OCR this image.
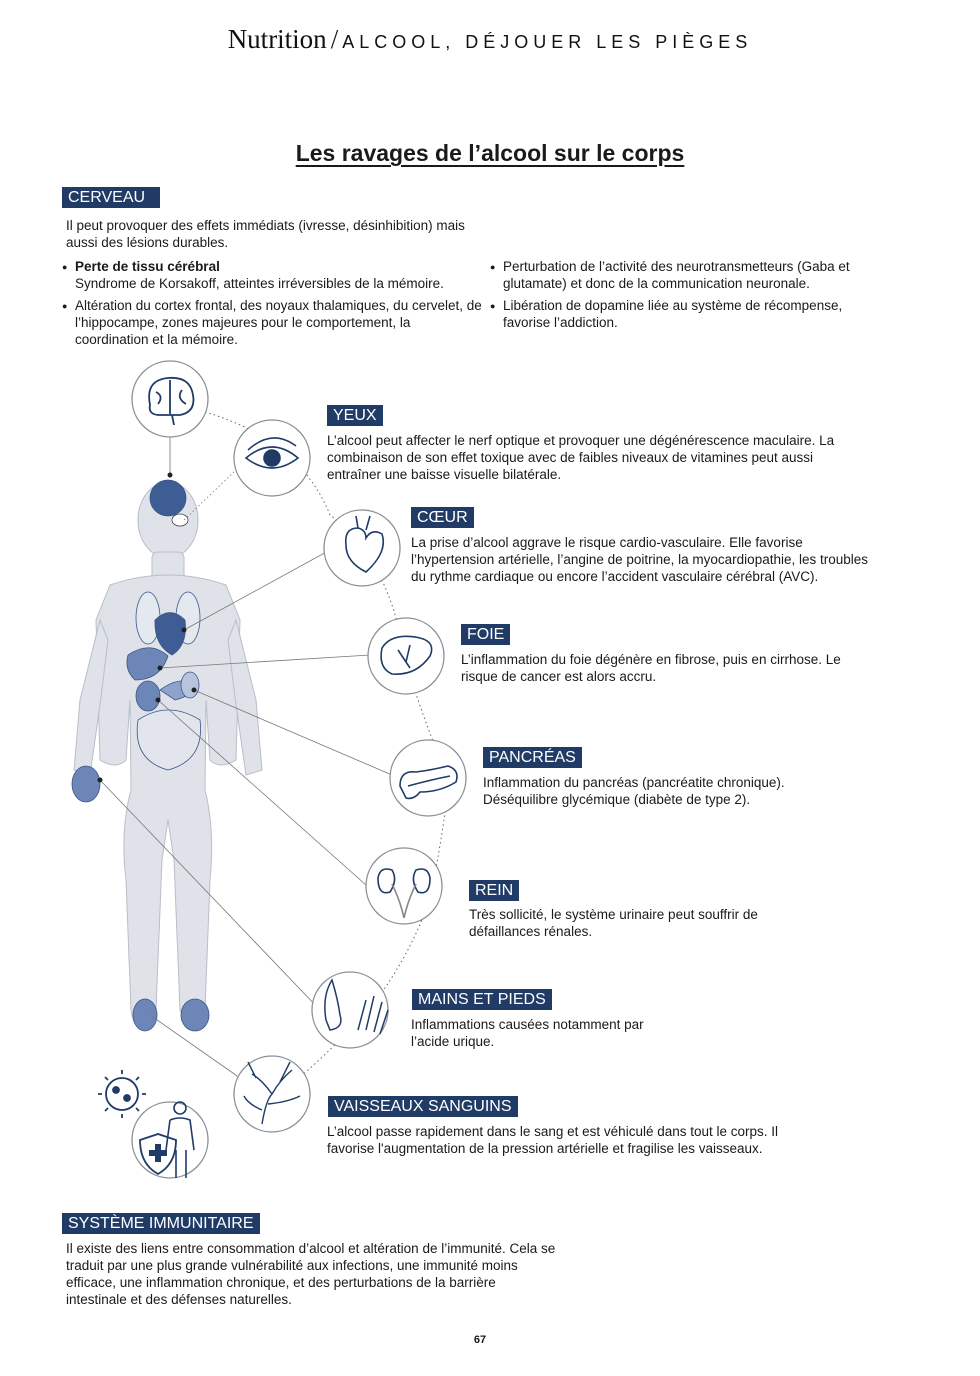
Nutrition / ALCOOL, DÉJOUER LES PIÈGES
Les ravages de l’alcool sur le corps
CERVEAU
Il peut provoquer des effets immédiats (ivresse, désinhibition) mais aussi des lésions durables.
● Perte de tissu cérébral
Syndrome de Korsakoff, atteintes irréversibles de la mémoire.
● Altération du cortex frontal, des noyaux thalamiques, du cervelet, de l’hippocampe, zones majeures pour le comportement, la coordination et la mémoire.
● Perturbation de l’activité des neurotransmetteurs (Gaba et glutamate) et donc de la communication neuronale.
● Libération de dopamine liée au système de récompense, favorise l’addiction.
YEUX
L’alcool peut affecter le nerf optique et provoquer une dégénérescence maculaire. La combinaison de son effet toxique avec de faibles niveaux de vitamines peut aussi entraîner une baisse visuelle bilatérale.
CŒUR
La prise d’alcool aggrave le risque cardio-vasculaire. Elle favorise l’hypertension artérielle, l’angine de poitrine, la myocardiopathie, les troubles du rythme cardiaque ou encore l’accident vasculaire cérébral (AVC).
FOIE
L’inflammation du foie dégénère en fibrose, puis en cirrhose. Le risque de cancer est alors accru.
PANCRÉAS
Inflammation du pancréas (pancréatite chronique). Déséquilibre glycémique (diabète de type 2).
REIN
Très sollicité, le système urinaire peut souffrir de défaillances rénales.
MAINS ET PIEDS
Inflammations causées notamment par l’acide urique.
VAISSEAUX SANGUINS
L’alcool passe rapidement dans le sang et est véhiculé dans tout le corps. Il favorise l'augmentation de la pression artérielle et fragilise les vaisseaux.
SYSTÈME IMMUNITAIRE
Il existe des liens entre consommation d’alcool et altération de l’immunité. Cela se traduit par une plus grande vulnérabilité aux infections, une immunité moins efficace, une inflammation chronique, et des perturbations de la barrière intestinale et des défenses naturelles.
67
